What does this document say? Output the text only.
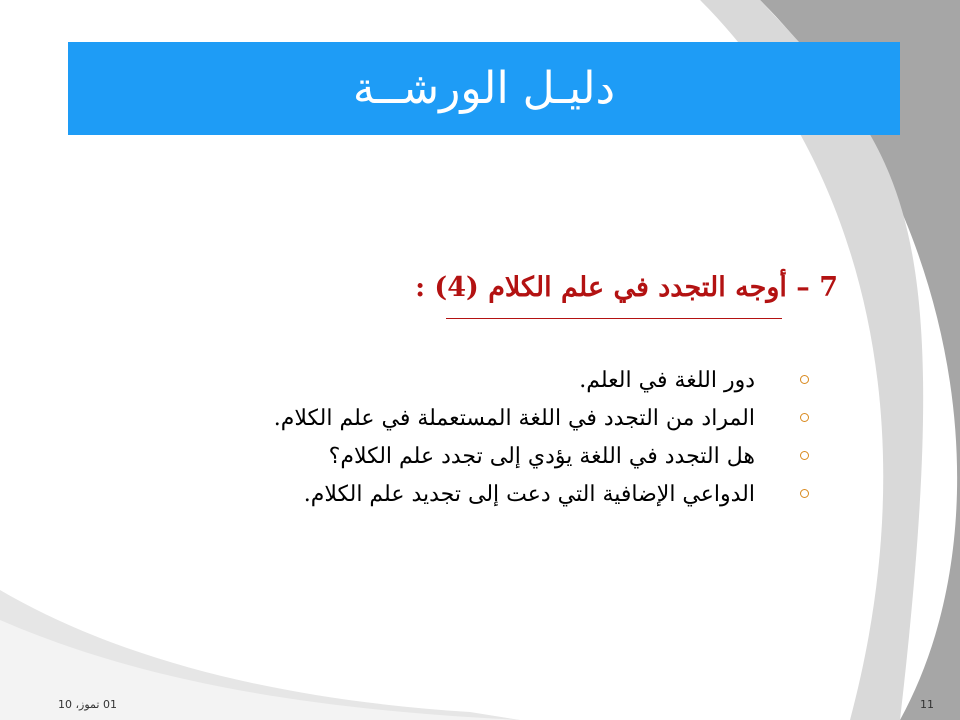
دليـل الورشــة
7 – أوجه التجدد في علم الكلام (4) :
دور اللغة في العلم.
المراد من التجدد في اللغة المستعملة في علم الكلام.
هل التجدد في اللغة يؤدي إلى تجدد علم الكلام؟
الدواعي الإضافية التي دعت إلى تجديد علم الكلام.
01 تموز، 10	11
